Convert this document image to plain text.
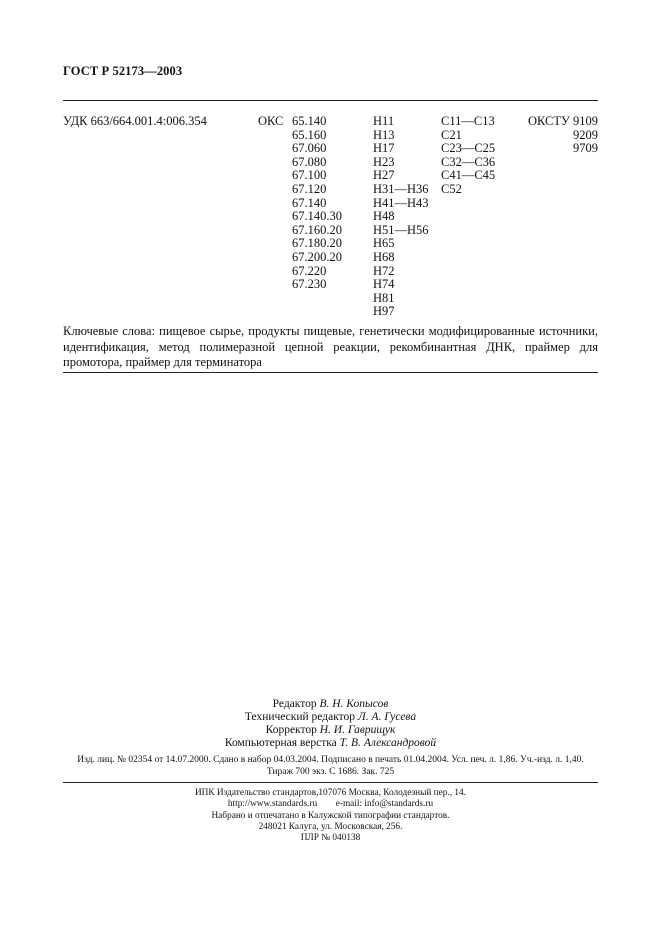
ГОСТ Р 52173—2003
УДК 663/664.001.4:006.354	ОКС 65.140
65.160
67.060
67.080
67.100
67.120
67.140
67.140.30
67.160.20
67.180.20
67.200.20
67.220
67.230
Н11
Н13
Н17
Н23
Н27
Н31—Н36
Н41—Н43
Н48
Н51—Н56
Н65
Н68
Н72
Н74
Н81
Н97
С11—С13
С21
С23—С25
С32—С36
С41—С45
С52
ОКСТУ 9109
9209
9709
Ключевые слова: пищевое сырье, продукты пищевые, генетически модифицированные источники, идентификация, метод полимеразной цепной реакции, рекомбинантная ДНК, праймер для промотора, праймер для терминатора
Редактор В. Н. Копысов
Технический редактор Л. А. Гусева
Корректор Н. И. Гаврищук
Компьютерная верстка Т. В. Александровой
Изд. лиц. № 02354 от 14.07.2000. Сдано в набор 04.03.2004. Подписано в печать 01.04.2004. Усл. печ. л. 1,86. Уч.-изд. л. 1,40.
Тираж 700 экз. С 1686. Зак. 725
ИПК Издательство стандартов,107076 Москва, Колодезный пер., 14.
http://www.standards.ru        e-mail: info@standards.ru
Набрано и отпечатано в Калужской типографии стандартов.
248021 Калуга, ул. Московская, 256.
ПЛР № 040138
